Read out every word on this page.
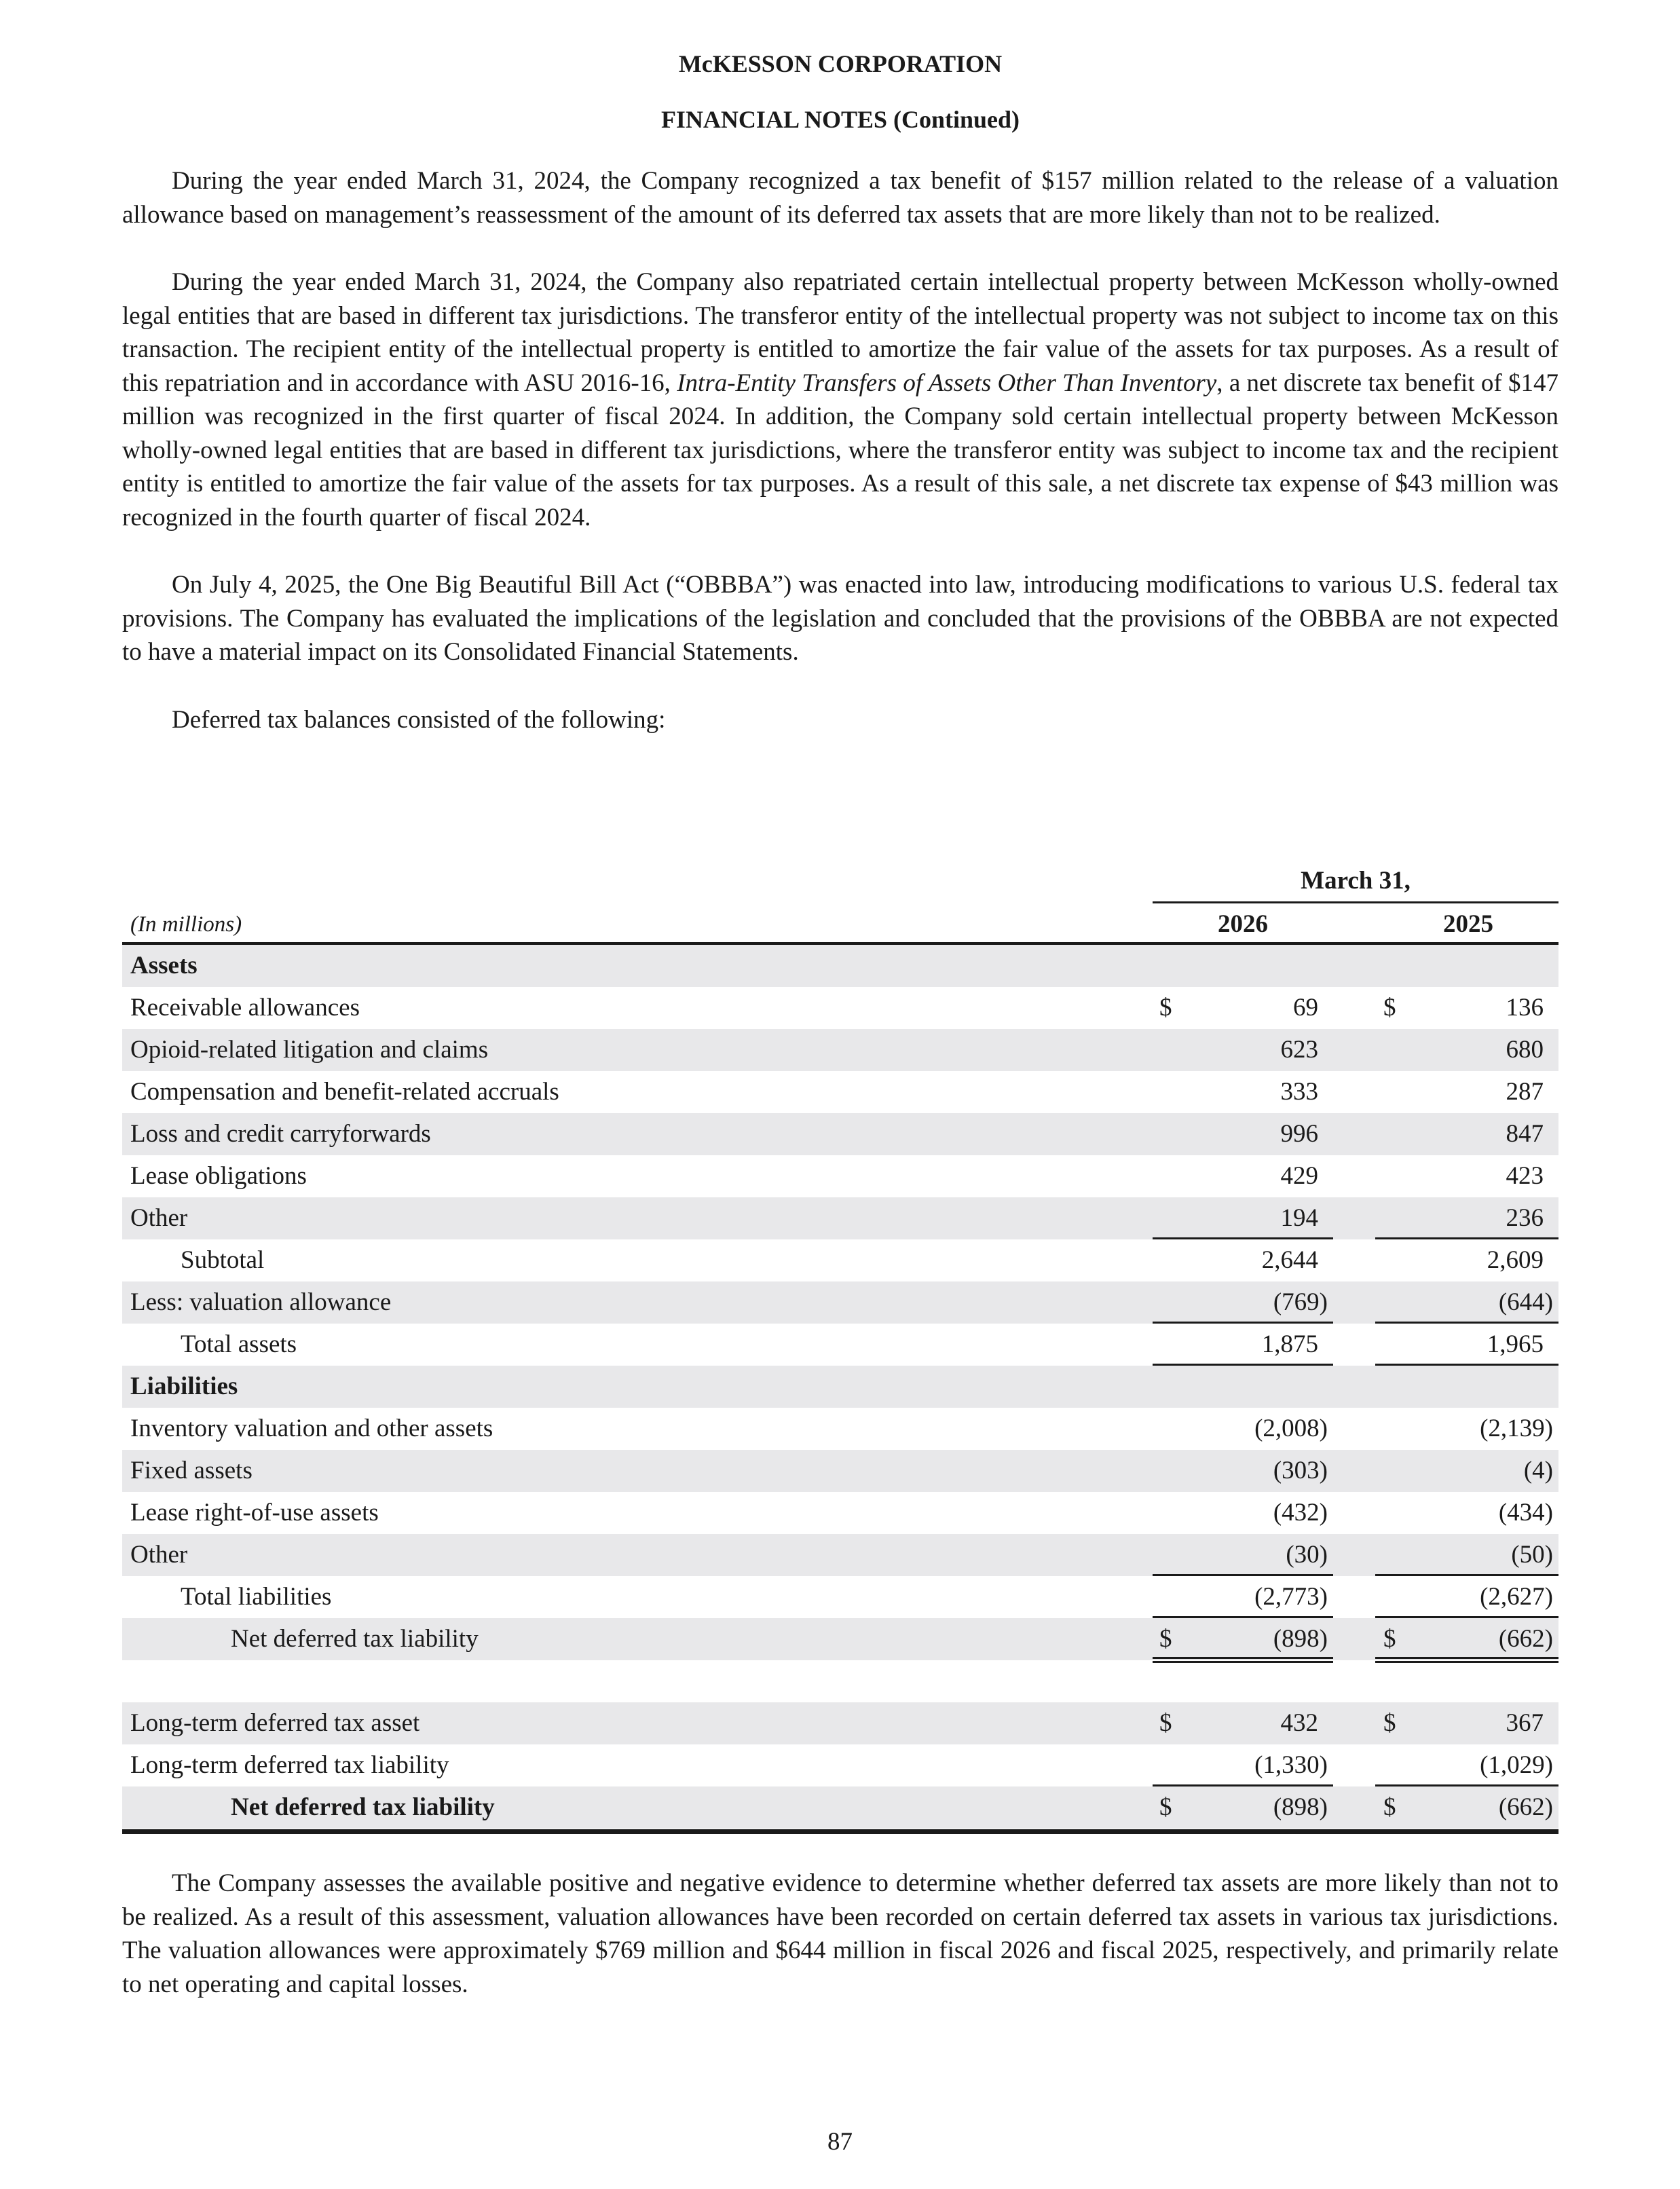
McKESSON CORPORATION
FINANCIAL NOTES (Continued)

During the year ended March 31, 2024, the Company recognized a tax benefit of $157 million related to the release of a valuation allowance based on management’s reassessment of the amount of its deferred tax assets that are more likely than not to be realized.

During the year ended March 31, 2024, the Company also repatriated certain intellectual property between McKesson wholly-owned legal entities that are based in different tax jurisdictions. The transferor entity of the intellectual property was not subject to income tax on this transaction. The recipient entity of the intellectual property is entitled to amortize the fair value of the assets for tax purposes. As a result of this repatriation and in accordance with ASU 2016-16, Intra-Entity Transfers of Assets Other Than Inventory, a net discrete tax benefit of $147 million was recognized in the first quarter of fiscal 2024. In addition, the Company sold certain intellectual property between McKesson wholly-owned legal entities that are based in different tax jurisdictions, where the transferor entity was subject to income tax and the recipient entity is entitled to amortize the fair value of the assets for tax purposes. As a result of this sale, a net discrete tax expense of $43 million was recognized in the fourth quarter of fiscal 2024.

On July 4, 2025, the One Big Beautiful Bill Act (“OBBBA”) was enacted into law, introducing modifications to various U.S. federal tax provisions. The Company has evaluated the implications of the legislation and concluded that the provisions of the OBBBA are not expected to have a material impact on its Consolidated Financial Statements.

Deferred tax balances consisted of the following:

March 31,
(In millions)	2026	2025
Assets
Receivable allowances	$	69	$	136
Opioid-related litigation and claims	623	680
Compensation and benefit-related accruals	333	287
Loss and credit carryforwards	996	847
Lease obligations	429	423
Other	194	236
Subtotal	2,644	2,609
Less: valuation allowance	(769)	(644)
Total assets	1,875	1,965
Liabilities
Inventory valuation and other assets	(2,008)	(2,139)
Fixed assets	(303)	(4)
Lease right-of-use assets	(432)	(434)
Other	(30)	(50)
Total liabilities	(2,773)	(2,627)
Net deferred tax liability	$	(898) $	(662)
Long-term deferred tax asset	$	432	$	367
Long-term deferred tax liability	(1,330)	(1,029)
Net deferred tax liability	$	(898) $	(662)

The Company assesses the available positive and negative evidence to determine whether deferred tax assets are more likely than not to be realized. As a result of this assessment, valuation allowances have been recorded on certain deferred tax assets in various tax jurisdictions. The valuation allowances were approximately $769 million and $644 million in fiscal 2026 and fiscal 2025, respectively, and primarily relate to net operating and capital losses.

87
